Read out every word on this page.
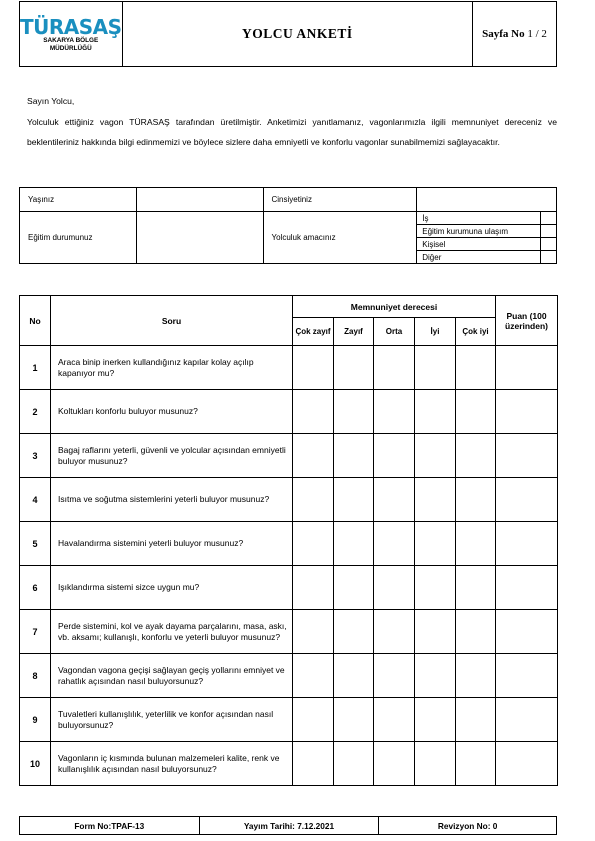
TÜRASAŞ
SAKARYA BÖLGE
MÜDÜRLÜĞÜ
	YOLCU ANKETİ	Sayfa No 1 / 2

Sayın Yolcu,

Yolculuk ettiğiniz vagon TÜRASAŞ tarafından üretilmiştir. Anketimizi yanıtlamanız, vagonlarımızla ilgili memnuniyet dereceniz ve beklentileriniz hakkında bilgi edinmemizi ve böylece sizlere daha emniyetli ve konforlu vagonlar sunabilmemizi sağlayacaktır.

Yaşınız		Cinsiyetiniz		
Eğitim durumunuz		Yolculuk amacınız	İş	
			Eğitim kurumuna ulaşım	
			Kişisel	
			Diğer	
No	Soru	Memnuniyet derecesi					Puan (100 üzerinden)
		Çok zayıf	Zayıf	Orta	İyi	Çok iyi	
1	Araca binip inerken kullandığınız kapılar kolay açılıp kapanıyor mu?						
2	Koltukları konforlu buluyor musunuz?						
3	Bagaj raflarını yeterli, güvenli ve yolcular açısından emniyetli buluyor musunuz?						
4	Isıtma ve soğutma sistemlerini yeterli buluyor musunuz?						
5	Havalandırma sistemini yeterli buluyor musunuz?						
6	Işıklandırma sistemi sizce uygun mu?						
7	Perde sistemini, kol ve ayak dayama parçalarını, masa, askı, vb. aksamı; kullanışlı, konforlu ve yeterli buluyor musunuz?						
8	Vagondan vagona geçişi sağlayan geçiş yollarını emniyet ve rahatlık açısından nasıl buluyorsunuz?						
9	Tuvaletleri kullanışlılık, yeterlilik ve konfor açısından nasıl buluyorsunuz?						
10	Vagonların iç kısmında bulunan malzemeleri kalite, renk ve kullanışlılık açısından nasıl buluyorsunuz?						
Form No:TPAF-13	Yayım Tarihi: 7.12.2021	Revizyon No: 0
